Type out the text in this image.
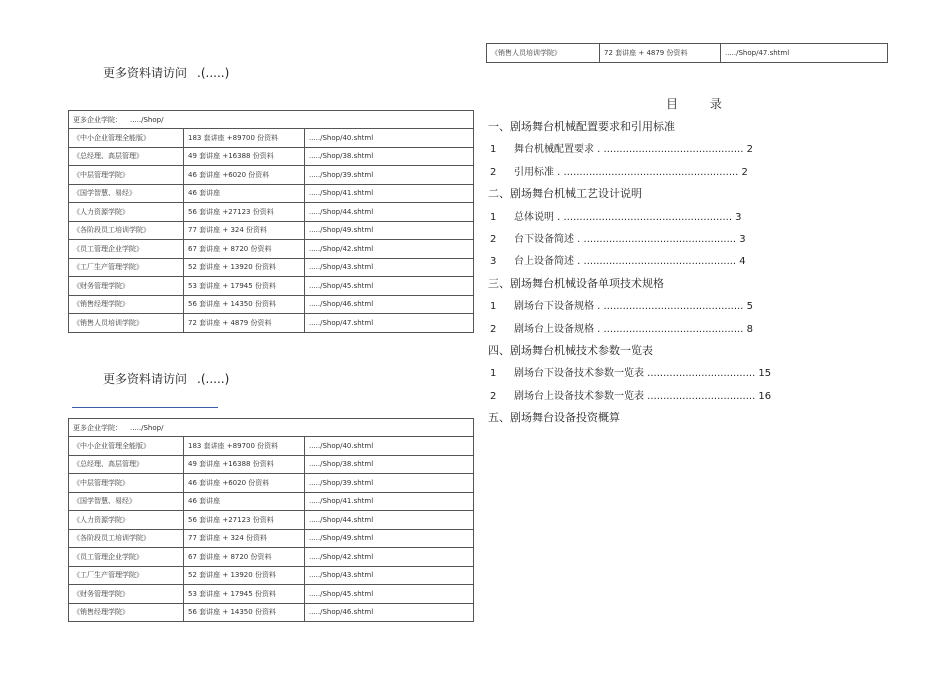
更多资料请访问 .(.....)
更多企业学院： ...../Shop/		
《中小企业管理全能版》	183 套讲座 +89700 份资料	...../Shop/40.shtml
《总经理、高层管理》	49 套讲座 +16388 份资料	...../Shop/38.shtml
《中层管理学院》	46 套讲座 +6020 份资料	...../Shop/39.shtml
《国学智慧、易经》	46 套讲座	...../Shop/41.shtml
《人力资源学院》	56 套讲座 +27123 份资料	...../Shop/44.shtml
《各阶段员工培训学院》	77 套讲座 + 324 份资料	...../Shop/49.shtml
《员工管理企业学院》	67 套讲座 + 8720 份资料	...../Shop/42.shtml
《工厂生产管理学院》	52 套讲座 + 13920 份资料	...../Shop/43.shtml
《财务管理学院》	53 套讲座 + 17945 份资料	...../Shop/45.shtml
《销售经理学院》	56 套讲座 + 14350 份资料	...../Shop/46.shtml
《销售人员培训学院》	72 套讲座 + 4879 份资料	...../Shop/47.shtml
更多资料请访问 .(.....)
更多企业学院： ...../Shop/		
《中小企业管理全能版》	183 套讲座 +89700 份资料	...../Shop/40.shtml
《总经理、高层管理》	49 套讲座 +16388 份资料	...../Shop/38.shtml
《中层管理学院》	46 套讲座 +6020 份资料	...../Shop/39.shtml
《国学智慧、易经》	46 套讲座	...../Shop/41.shtml
《人力资源学院》	56 套讲座 +27123 份资料	...../Shop/44.shtml
《各阶段员工培训学院》	77 套讲座 + 324 份资料	...../Shop/49.shtml
《员工管理企业学院》	67 套讲座 + 8720 份资料	...../Shop/42.shtml
《工厂生产管理学院》	52 套讲座 + 13920 份资料	...../Shop/43.shtml
《财务管理学院》	53 套讲座 + 17945 份资料	...../Shop/45.shtml
《销售经理学院》	56 套讲座 + 14350 份资料	...../Shop/46.shtml
《销售人员培训学院》	72 套讲座 + 4879 份资料	...../Shop/47.shtml
目 录
一、剧场舞台机械配置要求和引用标准
1 舞台机械配置要求 . ............................................ 2
2 引用标准 . ....................................................... 2
二、剧场舞台机械工艺设计说明
1 总体说明 . ..................................................... 3
2 台下设备简述 . ................................................ 3
3 台上设备简述 . ................................................ 4
三、剧场舞台机械设备单项技术规格
1 剧场台下设备规格 . ............................................ 5
2 剧场台上设备规格 . ............................................ 8
四、剧场舞台机械技术参数一览表
1 剧场台下设备技术参数一览表 .................................. 15
2 剧场台上设备技术参数一览表 .................................. 16
五、剧场舞台设备投资概算
